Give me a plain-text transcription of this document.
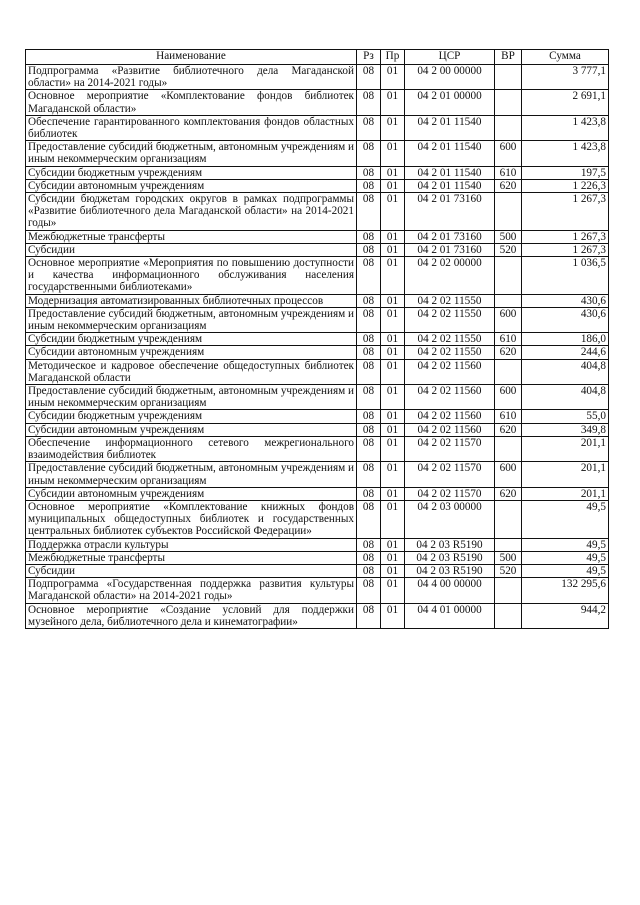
Наименование	Рз	Пр	ЦСР	ВР	Сумма
Подпрограмма «Развитие библиотечного дела Магаданской области» на 2014-2021 годы»	08	01	04 2 00 00000		3 777,1
Основное мероприятие «Комплектование фондов библиотек Магаданской области»	08	01	04 2 01 00000		2 691,1
Обеспечение гарантированного комплектования фондов областных библиотек	08	01	04 2 01 11540		1 423,8
Предоставление субсидий бюджетным, автономным учреждениям и иным некоммерческим организациям	08	01	04 2 01 11540	600	1 423,8
Субсидии бюджетным учреждениям	08	01	04 2 01 11540	610	197,5
Субсидии автономным учреждениям	08	01	04 2 01 11540	620	1 226,3
Субсидии бюджетам городских округов в рамках подпрограммы «Развитие библиотечного дела Магаданской области» на 2014-2021 годы»	08	01	04 2 01 73160		1 267,3
Межбюджетные трансферты	08	01	04 2 01 73160	500	1 267,3
Субсидии	08	01	04 2 01 73160	520	1 267,3
Основное мероприятие «Мероприятия по повышению доступности и качества информационного обслуживания населения государственными библиотеками»	08	01	04 2 02 00000		1 036,5
Модернизация автоматизированных библиотечных процессов	08	01	04 2 02 11550		430,6
Предоставление субсидий бюджетным, автономным учреждениям и иным некоммерческим организациям	08	01	04 2 02 11550	600	430,6
Субсидии бюджетным учреждениям	08	01	04 2 02 11550	610	186,0
Субсидии автономным учреждениям	08	01	04 2 02 11550	620	244,6
Методическое и кадровое обеспечение общедоступных библиотек Магаданской области	08	01	04 2 02 11560		404,8
Предоставление субсидий бюджетным, автономным учреждениям и иным некоммерческим организациям	08	01	04 2 02 11560	600	404,8
Субсидии бюджетным учреждениям	08	01	04 2 02 11560	610	55,0
Субсидии автономным учреждениям	08	01	04 2 02 11560	620	349,8
Обеспечение информационного сетевого межрегионального взаимодействия библиотек	08	01	04 2 02 11570		201,1
Предоставление субсидий бюджетным, автономным учреждениям и иным некоммерческим организациям	08	01	04 2 02 11570	600	201,1
Субсидии автономным учреждениям	08	01	04 2 02 11570	620	201,1
Основное мероприятие «Комплектование книжных фондов муниципальных общедоступных библиотек и государственных центральных библиотек субъектов Российской Федерации»	08	01	04 2 03 00000		49,5
Поддержка отрасли культуры	08	01	04 2 03 R5190		49,5
Межбюджетные трансферты	08	01	04 2 03 R5190	500	49,5
Субсидии	08	01	04 2 03 R5190	520	49,5
Подпрограмма «Государственная поддержка развития культуры Магаданской области» на 2014-2021 годы»	08	01	04 4 00 00000		132 295,6
Основное мероприятие «Создание условий для поддержки музейного дела, библиотечного дела и кинематографии»	08	01	04 4 01 00000		944,2
